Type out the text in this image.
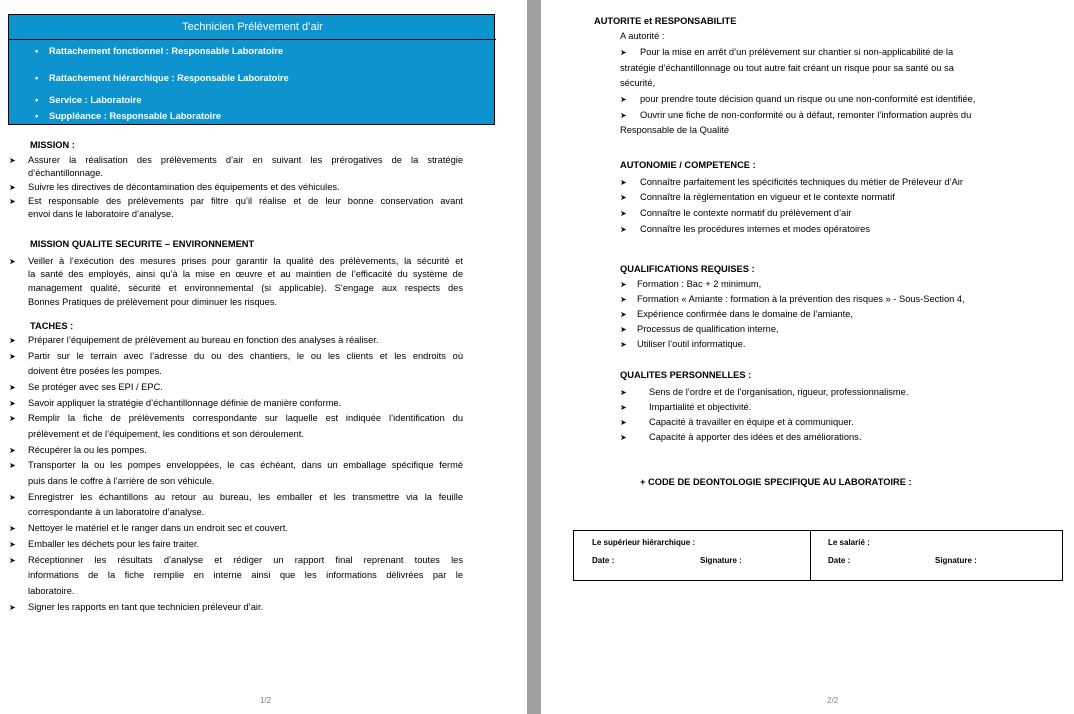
Technicien Prélèvement d’air
• Rattachement fonctionnel : Responsable Laboratoire
• Rattachement hiérarchique : Responsable Laboratoire
• Service : Laboratoire
• Suppléance : Responsable Laboratoire
MISSION :
➤ Assurer la réalisation des prélèvements d’air en suivant les prérogatives de la stratégie
d’échantillonnage.
➤ Suivre les directives de décontamination des équipements et des véhicules.
➤ Est responsable des prélèvements par filtre qu’il réalise et de leur bonne conservation avant
envoi dans le laboratoire d’analyse.
MISSION QUALITE SECURITE – ENVIRONNEMENT
➤ Veiller à l’exécution des mesures prises pour garantir la qualité des prélèvements, la sécurité et
la santé des employés, ainsi qu’à la mise en œuvre et au maintien de l’efficacité du système de
management qualité, sécurité et environnemental (si applicable). S’engage aux respects des
Bonnes Pratiques de prélèvement pour diminuer les risques.
TACHES :
➤ Préparer l’équipement de prélèvement au bureau en fonction des analyses à réaliser.
➤ Partir sur le terrain avec l’adresse du ou des chantiers, le ou les clients et les endroits où
doivent être posées les pompes.
➤ Se protéger avec ses EPI / EPC.
➤ Savoir appliquer la stratégie d’échantillonnage définie de manière conforme.
➤ Remplir la fiche de prélèvements correspondante sur laquelle est indiquée l’identification du
prélèvement et de l’équipement, les conditions et son déroulement.
➤ Récupérer la ou les pompes.
➤ Transporter la ou les pompes enveloppées, le cas échéant, dans un emballage spécifique fermé
puis dans le coffre à l’arrière de son véhicule.
➤ Enregistrer les échantillons au retour au bureau, les emballer et les transmettre via la feuille
correspondante à un laboratoire d’analyse.
➤ Nettoyer le matériel et le ranger dans un endroit sec et couvert.
➤ Emballer les déchets pour les faire traiter.
➤ Réceptionner les résultats d’analyse et rédiger un rapport final reprenant toutes les
informations de la fiche remplie en interne ainsi que les informations délivrées par le
laboratoire.
➤ Signer les rapports en tant que technicien préleveur d’air.
1/2
AUTORITE et RESPONSABILITE
A autorité :
➤ Pour la mise en arrêt d’un prélèvement sur chantier si non-applicabilité de la
stratégie d’échantillonnage ou tout autre fait créant un risque pour sa santé ou sa
sécurité,
➤ pour prendre toute décision quand un risque ou une non-conformité est identifiée,
➤ Ouvrir une fiche de non-conformité ou à défaut, remonter l’information auprès du
Responsable de la Qualité
AUTONOMIE / COMPETENCE :
➤ Connaître parfaitement les spécificités techniques du métier de Préleveur d’Air
➤ Connaître la réglementation en vigueur et le contexte normatif
➤ Connaître le contexte normatif du prélèvement d’air
➤ Connaître les procédures internes et modes opératoires
QUALIFICATIONS REQUISES :
➤ Formation : Bac + 2 minimum,
➤ Formation « Amiante : formation à la prévention des risques » - Sous-Section 4,
➤ Expérience confirmée dans le domaine de l’amiante,
➤ Processus de qualification interne,
➤ Utiliser l’outil informatique.
QUALITES PERSONNELLES :
➤ Sens de l’ordre et de l’organisation, rigueur, professionnalisme.
➤ Impartialité et objectivité.
➤ Capacité à travailler en équipe et à communiquer.
➤ Capacité à apporter des idées et des améliorations.
+ CODE DE DEONTOLOGIE SPECIFIQUE AU LABORATOIRE :
Le supérieur hiérarchique :
Date :	Signature :
Le salarié :
Date :	Signature :
2/2
